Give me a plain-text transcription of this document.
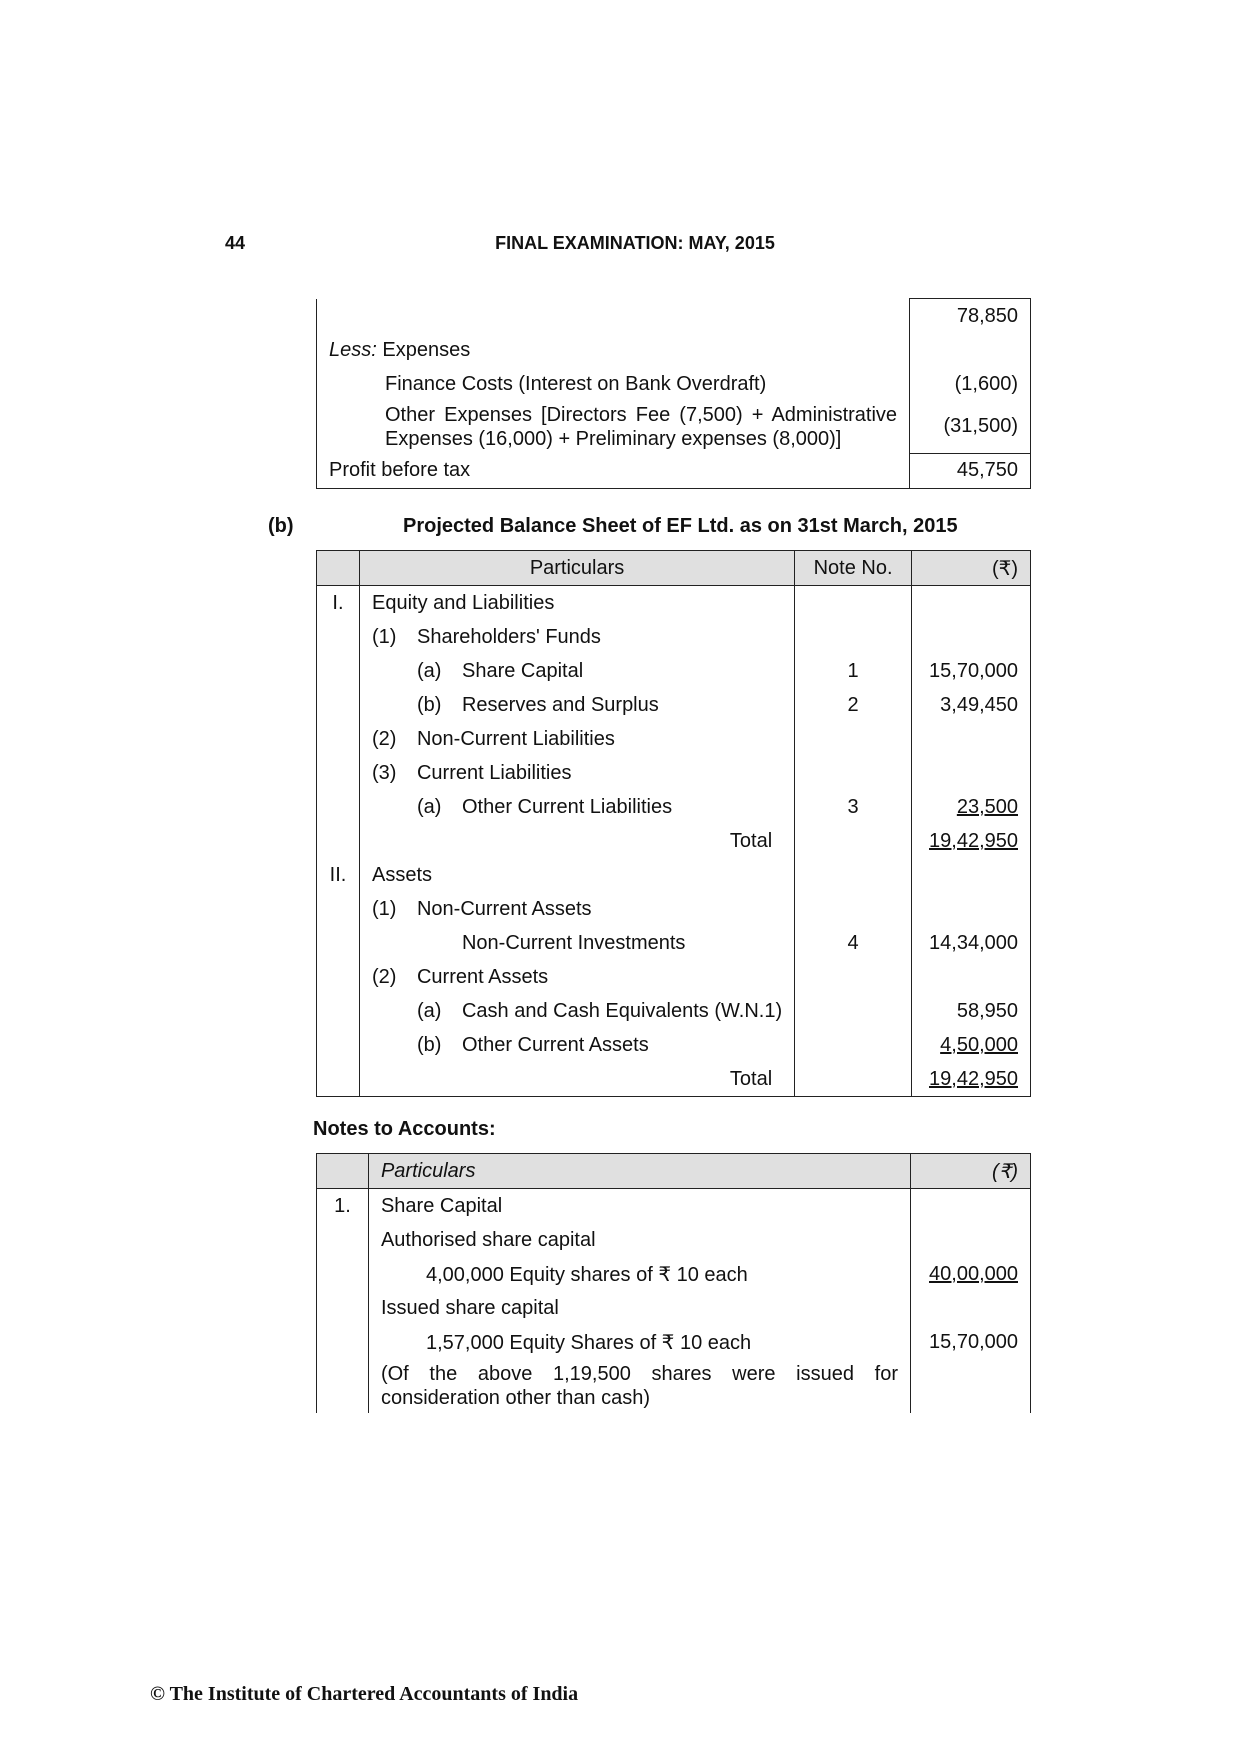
44	FINAL EXAMINATION: MAY, 2015
	78,850
Less: Expenses	
Finance Costs (Interest on Bank Overdraft)	(1,600)

Other Expenses [Directors Fee (7,500) + Administrative
Expenses (16,000) + Preliminary expenses (8,000)]	(31,500)
Profit before tax	45,750
(b)	Projected Balance Sheet of EF Ltd. as on 31st March, 2015
	Particulars	Note No.	(₹)
I.	Equity and Liabilities		
	(1) Shareholders' Funds		
	(a) Share Capital	1	15,70,000
	(b) Reserves and Surplus	2	3,49,450
	(2) Non-Current Liabilities		
	(3) Current Liabilities		
	(a) Other Current Liabilities	3	23,500
	Total		19,42,950
II.	Assets		
	(1) Non-Current Assets		
	Non-Current Investments	4	14,34,000
	(2) Current Assets		
	(a) Cash and Cash Equivalents (W.N.1)		58,950
	(b) Other Current Assets		4,50,000
	Total		19,42,950
Notes to Accounts:
	Particulars	(₹)
1.	Share Capital	
	Authorised share capital	
	4,00,000 Equity shares of ₹ 10 each	40,00,000
	Issued share capital	
	1,57,000 Equity Shares of ₹ 10 each	15,70,000

	(Of the above 1,19,500 shares were issued for
consideration other than cash)	

© The Institute of Chartered Accountants of India
